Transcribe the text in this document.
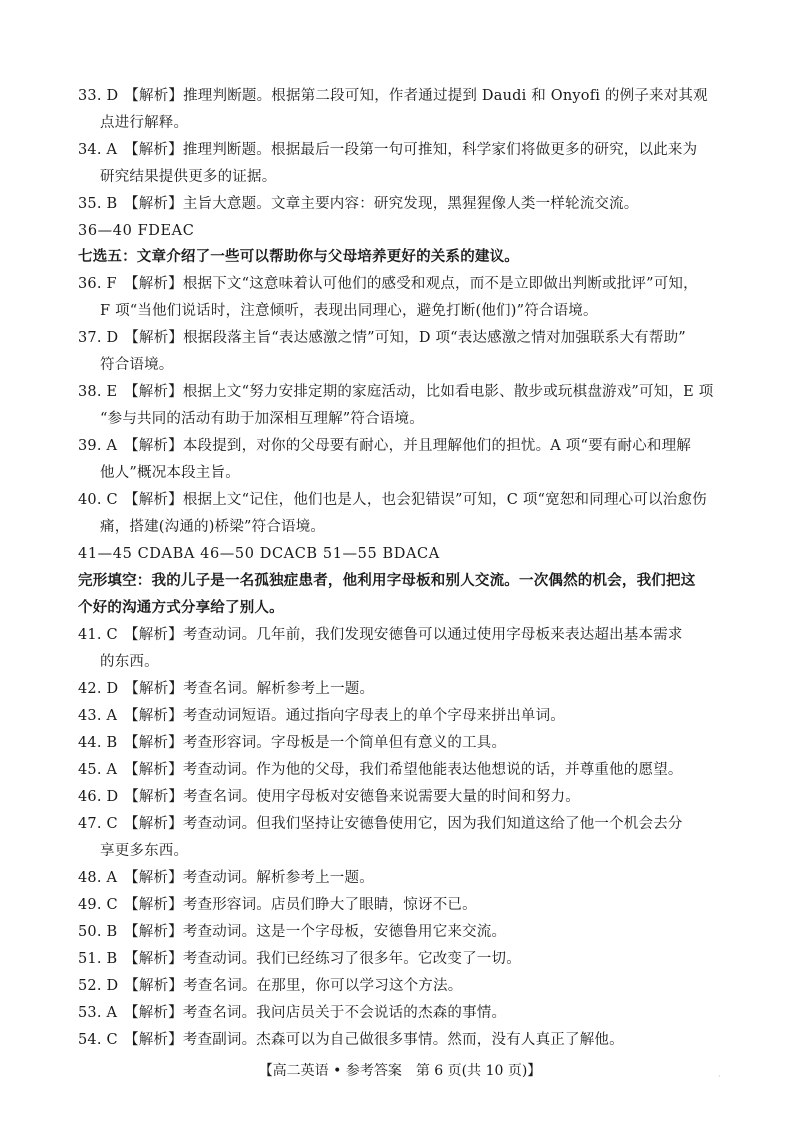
33. D 【解析】推理判断题。根据第二段可知，作者通过提到 Daudi 和 Onyofi 的例子来对其观
点进行解释。
34. A 【解析】推理判断题。根据最后一段第一句可推知，科学家们将做更多的研究，以此来为
研究结果提供更多的证据。
35. B 【解析】主旨大意题。文章主要内容：研究发现，黑猩猩像人类一样轮流交流。
36—40 FDEAC
七选五：文章介绍了一些可以帮助你与父母培养更好的关系的建议。
36. F 【解析】根据下文“这意味着认可他们的感受和观点，而不是立即做出判断或批评”可知，
F 项“当他们说话时，注意倾听，表现出同理心，避免打断(他们)”符合语境。
37. D 【解析】根据段落主旨“表达感激之情”可知，D 项“表达感激之情对加强联系大有帮助”
符合语境。
38. E 【解析】根据上文“努力安排定期的家庭活动，比如看电影、散步或玩棋盘游戏”可知，E 项
“参与共同的活动有助于加深相互理解”符合语境。
39. A 【解析】本段提到，对你的父母要有耐心，并且理解他们的担忧。A 项“要有耐心和理解
他人”概况本段主旨。
40. C 【解析】根据上文“记住，他们也是人，也会犯错误”可知，C 项“宽恕和同理心可以治愈伤
痛，搭建(沟通的)桥梁”符合语境。
41—45 CDABA 46—50 DCACB 51—55 BDACA
完形填空：我的儿子是一名孤独症患者，他利用字母板和别人交流。一次偶然的机会，我们把这
个好的沟通方式分享给了别人。
41. C 【解析】考查动词。几年前，我们发现安德鲁可以通过使用字母板来表达超出基本需求
的东西。
42. D 【解析】考查名词。解析参考上一题。
43. A 【解析】考查动词短语。通过指向字母表上的单个字母来拼出单词。
44. B 【解析】考查形容词。字母板是一个简单但有意义的工具。
45. A 【解析】考查动词。作为他的父母，我们希望他能表达他想说的话，并尊重他的愿望。
46. D 【解析】考查名词。使用字母板对安德鲁来说需要大量的时间和努力。
47. C 【解析】考查动词。但我们坚持让安德鲁使用它，因为我们知道这给了他一个机会去分
享更多东西。
48. A 【解析】考查动词。解析参考上一题。
49. C 【解析】考查形容词。店员们睁大了眼睛，惊讶不已。
50. B 【解析】考查动词。这是一个字母板，安德鲁用它来交流。
51. B 【解析】考查动词。我们已经练习了很多年。它改变了一切。
52. D 【解析】考查名词。在那里，你可以学习这个方法。
53. A 【解析】考查名词。我问店员关于不会说话的杰森的事情。
54. C 【解析】考查副词。杰森可以为自己做很多事情。然而，没有人真正了解他。
【高二英语 • 参考答案　第 6 页(共 10 页)】	·
